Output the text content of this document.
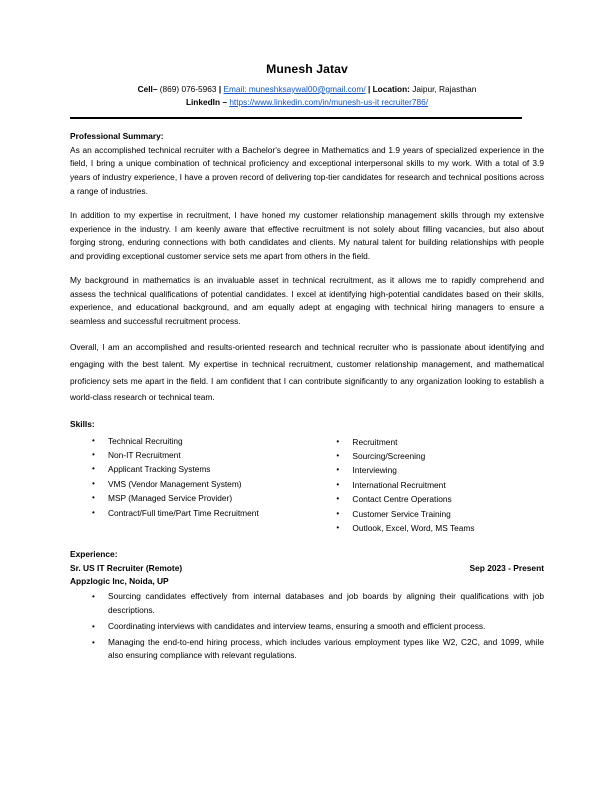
Munesh Jatav
Cell– (869) 076-5963 | Email: muneshksaywal00@gmail.com/ | Location: Jaipur, Rajasthan
LinkedIn – https://www.linkedin.com/in/munesh-us-it recruiter786/
Professional Summary:

As an accomplished technical recruiter with a Bachelor's degree in Mathematics and 1.9 years of specialized experience in the field, I bring a unique combination of technical proficiency and exceptional interpersonal skills to my work. With a total of 3.9 years of industry experience, I have a proven record of delivering top-tier candidates for research and technical positions across a range of industries.

In addition to my expertise in recruitment, I have honed my customer relationship management skills through my extensive experience in the industry. I am keenly aware that effective recruitment is not solely about filling vacancies, but also about forging strong, enduring connections with both candidates and clients. My natural talent for building relationships with people and providing exceptional customer service sets me apart from others in the field.

My background in mathematics is an invaluable asset in technical recruitment, as it allows me to rapidly comprehend and assess the technical qualifications of potential candidates. I excel at identifying high-potential candidates based on their skills, experience, and educational background, and am equally adept at engaging with technical hiring managers to ensure a seamless and successful recruitment process.

Overall, I am an accomplished and results-oriented research and technical recruiter who is passionate about identifying and engaging with the best talent. My expertise in technical recruitment, customer relationship management, and mathematical proficiency sets me apart in the field. I am confident that I can contribute significantly to any organization looking to establish a world-class research or technical team.

Skills:
• Technical Recruiting
• Non-IT Recruitment
• Applicant Tracking Systems
• VMS (Vendor Management System)
• MSP (Managed Service Provider)
• Contract/Full time/Part Time Recruitment
• Recruitment
• Sourcing/Screening
• Interviewing
• International Recruitment
• Contact Centre Operations
• Customer Service Training
• Outlook, Excel, Word, MS Teams
Experience:
Sr. US IT Recruiter (Remote)	Sep 2023 - Present
Appzlogic Inc, Noida, UP
• Sourcing candidates effectively from internal databases and job boards by aligning their qualifications with job descriptions.
• Coordinating interviews with candidates and interview teams, ensuring a smooth and efficient process.
• Managing the end-to-end hiring process, which includes various employment types like W2, C2C, and 1099, while also ensuring compliance with relevant regulations.
